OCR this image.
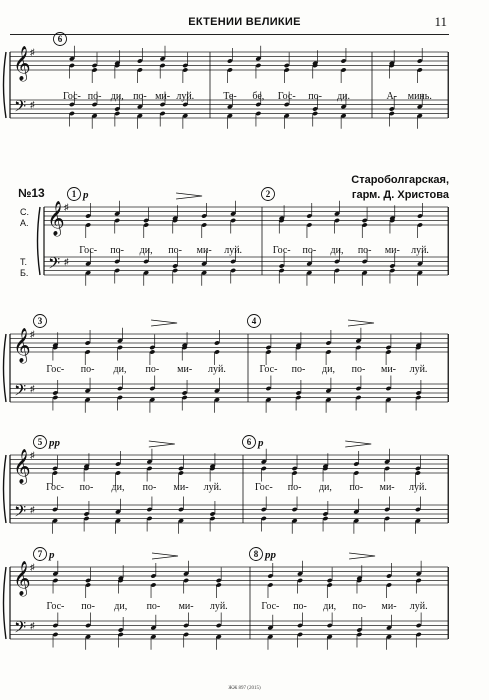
ЕКТЕНИИ ВЕЛИКИЕ	11
№13
Староболгарская,
гарм. Д. Христова
𝄞
𝄢
♯
♯
6
Гос- по- ди, по- ми- луй.	Те- бе, Гос- по- ди.	А- минь.
𝄞
𝄢
♯
♯
С.
А.
Т.
Б.
1 p
Гос- по- ди, по- ми- луй.
2
Гос- по- ди, по- ми- луй.
𝄞
𝄢
♯
♯
3
Гос- по- ди, по- ми- луй.
4
Гос- по- ди, по- ми- луй.
𝄞
𝄢
♯
♯
5 pp
Гос- по- ди, по- ми- луй.
6 p
Гос- по- ди, по- ми- луй.
𝄞
𝄢
♯
♯
7 p
Гос- по- ди, по- ми- луй.
8 pp
Гос- по- ди, по- ми- луй.
ЖЖ 897 (2015)
